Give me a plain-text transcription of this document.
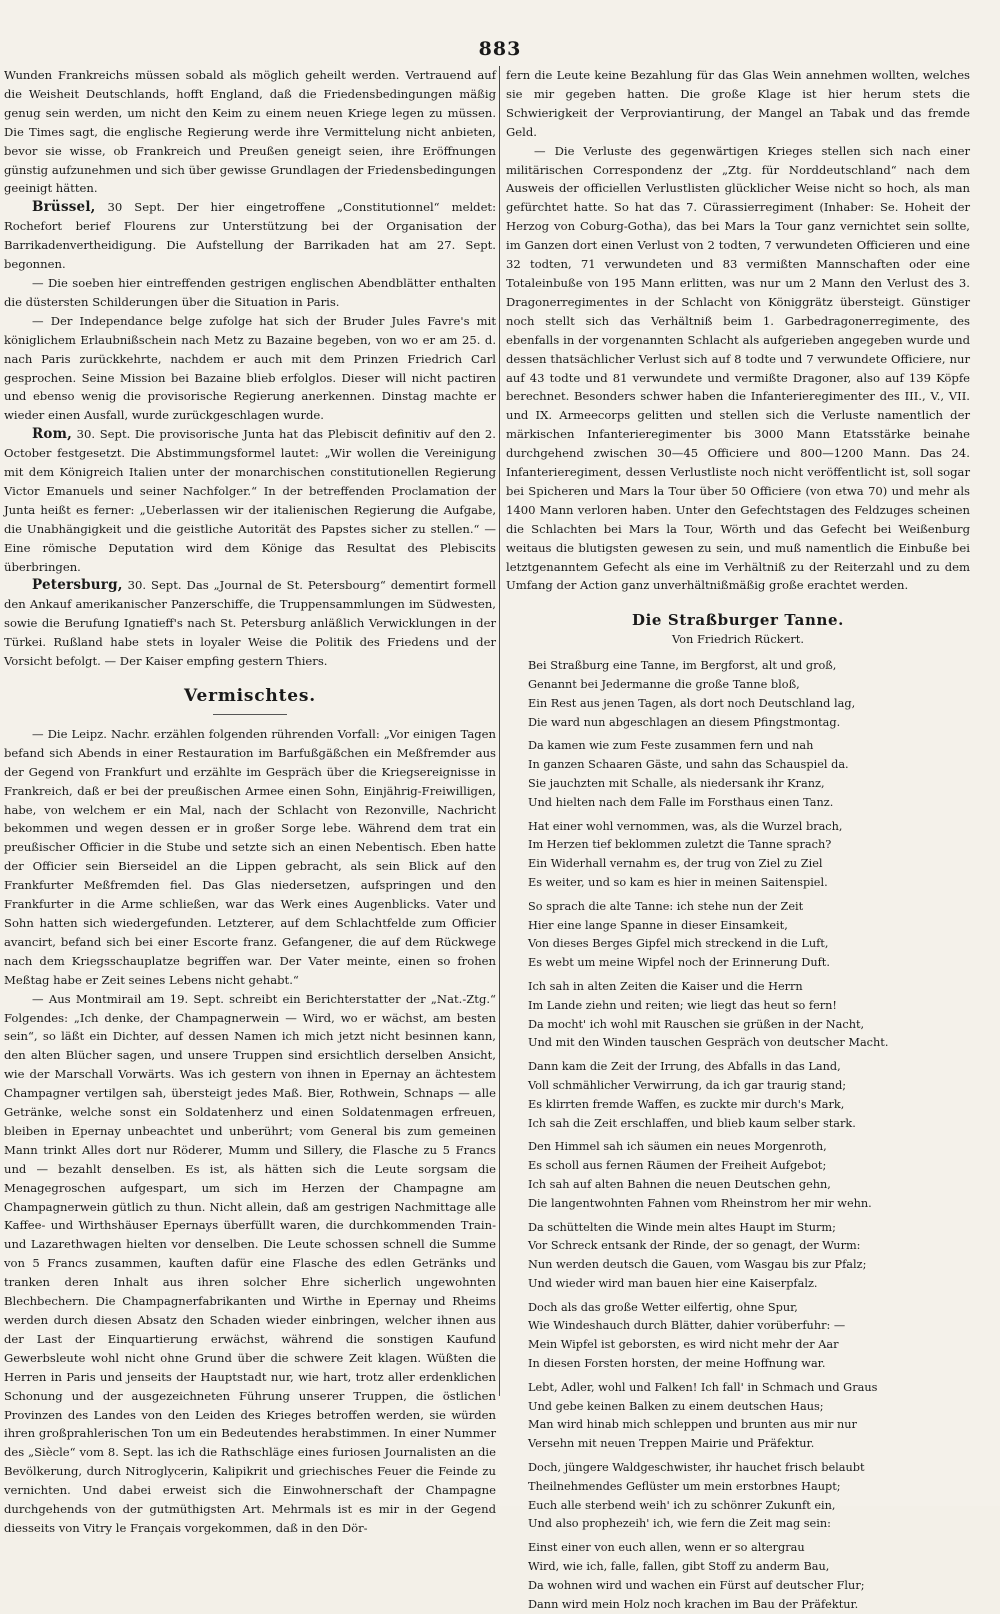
883

Wunden Frankreichs müssen sobald als möglich geheilt werden. Vertrauend auf die Weisheit Deutschlands, hofft England, daß die Friedensbedingungen mäßig genug sein werden, um nicht den Keim zu einem neuen Kriege legen zu müssen. Die Times sagt, die englische Regierung werde ihre Vermittelung nicht anbieten, bevor sie wisse, ob Frankreich und Preußen geneigt seien, ihre Eröffnungen günstig aufzunehmen und sich über gewisse Grundlagen der Friedensbedingungen geeinigt hätten.

Brüssel, 30 Sept. Der hier eingetroffene „Constitutionnel“ meldet: Rochefort berief Flourens zur Unterstützung bei der Organisation der Barrikadenvertheidigung. Die Aufstellung der Barrikaden hat am 27. Sept. begonnen.

— Die soeben hier eintreffenden gestrigen englischen Abendblätter enthalten die düstersten Schilderungen über die Situation in Paris.

— Der Independance belge zufolge hat sich der Bruder Jules Favre's mit königlichem Erlaubnißschein nach Metz zu Bazaine begeben, von wo er am 25. d. nach Paris zurückkehrte, nachdem er auch mit dem Prinzen Friedrich Carl gesprochen. Seine Mission bei Bazaine blieb erfolglos. Dieser will nicht pactiren und ebenso wenig die provisorische Regierung anerkennen. Dinstag machte er wieder einen Ausfall, wurde zurückgeschlagen wurde.

Rom, 30. Sept. Die provisorische Junta hat das Plebiscit definitiv auf den 2. October festgesetzt. Die Abstimmungsformel lautet: „Wir wollen die Vereinigung mit dem Königreich Italien unter der monarchischen constitutionellen Regierung Victor Emanuels und seiner Nachfolger.“ In der betreffenden Proclamation der Junta heißt es ferner: „Ueberlassen wir der italienischen Regierung die Aufgabe, die Unabhängigkeit und die geistliche Autorität des Papstes sicher zu stellen.“ — Eine römische Deputation wird dem Könige das Resultat des Plebiscits überbringen.

Petersburg, 30. Sept. Das „Journal de St. Petersbourg“ dementirt formell den Ankauf amerikanischer Panzerschiffe, die Truppensammlungen im Südwesten, sowie die Berufung Ignatieff's nach St. Petersburg anläßlich Verwicklungen in der Türkei. Rußland habe stets in loyaler Weise die Politik des Friedens und der Vorsicht befolgt. — Der Kaiser empfing gestern Thiers.

Vermischtes.

— Die Leipz. Nachr. erzählen folgenden rührenden Vorfall: „Vor einigen Tagen befand sich Abends in einer Restauration im Barfußgäßchen ein Meßfremder aus der Gegend von Frankfurt und erzählte im Gespräch über die Kriegsereignisse in Frankreich, daß er bei der preußischen Armee einen Sohn, Einjährig-Freiwilligen, habe, von welchem er ein Mal, nach der Schlacht von Rezonville, Nachricht bekommen und wegen dessen er in großer Sorge lebe. Während dem trat ein preußischer Officier in die Stube und setzte sich an einen Nebentisch. Eben hatte der Officier sein Bierseidel an die Lippen gebracht, als sein Blick auf den Frankfurter Meßfremden fiel. Das Glas niedersetzen, aufspringen und den Frankfurter in die Arme schließen, war das Werk eines Augenblicks. Vater und Sohn hatten sich wiedergefunden. Letzterer, auf dem Schlachtfelde zum Officier avancirt, befand sich bei einer Escorte franz. Gefangener, die auf dem Rückwege nach dem Kriegsschauplatze begriffen war. Der Vater meinte, einen so frohen Meßtag habe er Zeit seines Lebens nicht gehabt.“

— Aus Montmirail am 19. Sept. schreibt ein Berichterstatter der „Nat.-Ztg.“ Folgendes: „Ich denke, der Champagnerwein — Wird, wo er wächst, am besten sein“, so läßt ein Dichter, auf dessen Namen ich mich jetzt nicht besinnen kann, den alten Blücher sagen, und unsere Truppen sind ersichtlich derselben Ansicht, wie der Marschall Vorwärts. Was ich gestern von ihnen in Epernay an ächtestem Champagner vertilgen sah, übersteigt jedes Maß. Bier, Rothwein, Schnaps — alle Getränke, welche sonst ein Soldatenherz und einen Soldatenmagen erfreuen, bleiben in Epernay unbeachtet und unberührt; vom General bis zum gemeinen Mann trinkt Alles dort nur Röderer, Mumm und Sillery, die Flasche zu 5 Francs und — bezahlt denselben. Es ist, als hätten sich die Leute sorgsam die Menagegroschen aufgespart, um sich im Herzen der Champagne am Champagnerwein gütlich zu thun. Nicht allein, daß am gestrigen Nachmittage alle Kaffee- und Wirthshäuser Epernays überfüllt waren, die durchkommenden Train- und Lazarethwagen hielten vor denselben. Die Leute schossen schnell die Summe von 5 Francs zusammen, kauften dafür eine Flasche des edlen Getränks und tranken deren Inhalt aus ihren solcher Ehre sicherlich ungewohnten Blechbechern. Die Champagnerfabrikanten und Wirthe in Epernay und Rheims werden durch diesen Absatz den Schaden wieder einbringen, welcher ihnen aus der Last der Einquartierung erwächst, während die sonstigen Kaufund Gewerbsleute wohl nicht ohne Grund über die schwere Zeit klagen. Wüßten die Herren in Paris und jenseits der Hauptstadt nur, wie hart, trotz aller erdenklichen Schonung und der ausgezeichneten Führung unserer Truppen, die östlichen Provinzen des Landes von den Leiden des Krieges betroffen werden, sie würden ihren großprahlerischen Ton um ein Bedeutendes herabstimmen. In einer Nummer des „Siècle“ vom 8. Sept. las ich die Rathschläge eines furiosen Journalisten an die Bevölkerung, durch Nitroglycerin, Kalipikrit und griechisches Feuer die Feinde zu vernichten. Und dabei erweist sich die Einwohnerschaft der Champagne durchgehends von der gutmüthigsten Art. Mehrmals ist es mir in der Gegend diesseits von Vitry le Français vorgekommen, daß in den Dör-

fern die Leute keine Bezahlung für das Glas Wein annehmen wollten, welches sie mir gegeben hatten. Die große Klage ist hier herum stets die Schwierigkeit der Verproviantirung, der Mangel an Tabak und das fremde Geld.

— Die Verluste des gegenwärtigen Krieges stellen sich nach einer militärischen Correspondenz der „Ztg. für Norddeutschland“ nach dem Ausweis der officiellen Verlustlisten glücklicher Weise nicht so hoch, als man gefürchtet hatte. So hat das 7. Cürassierregiment (Inhaber: Se. Hoheit der Herzog von Coburg-Gotha), das bei Mars la Tour ganz vernichtet sein sollte, im Ganzen dort einen Verlust von 2 todten, 7 verwundeten Officieren und eine 32 todten, 71 verwundeten und 83 vermißten Mannschaften oder eine Totaleinbuße von 195 Mann erlitten, was nur um 2 Mann den Verlust des 3. Dragonerregimentes in der Schlacht von Königgrätz übersteigt. Günstiger noch stellt sich das Verhältniß beim 1. Garbedragonerregimente, des ebenfalls in der vorgenannten Schlacht als aufgerieben angegeben wurde und dessen thatsächlicher Verlust sich auf 8 todte und 7 verwundete Officiere, nur auf 43 todte und 81 verwundete und vermißte Dragoner, also auf 139 Köpfe berechnet. Besonders schwer haben die Infanterieregimenter des III., V., VII. und IX. Armeecorps gelitten und stellen sich die Verluste namentlich der märkischen Infanterieregimenter bis 3000 Mann Etatsstärke beinahe durchgehend zwischen 30—45 Officiere und 800—1200 Mann. Das 24. Infanterieregiment, dessen Verlustliste noch nicht veröffentlicht ist, soll sogar bei Spicheren und Mars la Tour über 50 Officiere (von etwa 70) und mehr als 1400 Mann verloren haben. Unter den Gefechtstagen des Feldzuges scheinen die Schlachten bei Mars la Tour, Wörth und das Gefecht bei Weißenburg weitaus die blutigsten gewesen zu sein, und muß namentlich die Einbuße bei letztgenanntem Gefecht als eine im Verhältniß zu der Reiterzahl und zu dem Umfang der Action ganz unverhältnißmäßig große erachtet werden.

Die Straßburger Tanne.
Von Friedrich Rückert.
Bei Straßburg eine Tanne, im Bergforst, alt und groß,
Genannt bei Jedermanne die große Tanne bloß,
Ein Rest aus jenen Tagen, als dort noch Deutschland lag,
Die ward nun abgeschlagen an diesem Pfingstmontag.
Da kamen wie zum Feste zusammen fern und nah
In ganzen Schaaren Gäste, und sahn das Schauspiel da.
Sie jauchzten mit Schalle, als niedersank ihr Kranz,
Und hielten nach dem Falle im Forsthaus einen Tanz.
Hat einer wohl vernommen, was, als die Wurzel brach,
Im Herzen tief beklommen zuletzt die Tanne sprach?
Ein Widerhall vernahm es, der trug von Ziel zu Ziel
Es weiter, und so kam es hier in meinen Saitenspiel.
So sprach die alte Tanne: ich stehe nun der Zeit
Hier eine lange Spanne in dieser Einsamkeit,
Von dieses Berges Gipfel mich streckend in die Luft,
Es webt um meine Wipfel noch der Erinnerung Duft.
Ich sah in alten Zeiten die Kaiser und die Herrn
Im Lande ziehn und reiten; wie liegt das heut so fern!
Da mocht' ich wohl mit Rauschen sie grüßen in der Nacht,
Und mit den Winden tauschen Gespräch von deutscher Macht.
Dann kam die Zeit der Irrung, des Abfalls in das Land,
Voll schmählicher Verwirrung, da ich gar traurig stand;
Es klirrten fremde Waffen, es zuckte mir durch's Mark,
Ich sah die Zeit erschlaffen, und blieb kaum selber stark.
Den Himmel sah ich säumen ein neues Morgenroth,
Es scholl aus fernen Räumen der Freiheit Aufgebot;
Ich sah auf alten Bahnen die neuen Deutschen gehn,
Die langentwohnten Fahnen vom Rheinstrom her mir wehn.
Da schüttelten die Winde mein altes Haupt im Sturm;
Vor Schreck entsank der Rinde, der so genagt, der Wurm:
Nun werden deutsch die Gauen, vom Wasgau bis zur Pfalz;
Und wieder wird man bauen hier eine Kaiserpfalz.
Doch als das große Wetter eilfertig, ohne Spur,
Wie Windeshauch durch Blätter, dahier vorüberfuhr: —
Mein Wipfel ist geborsten, es wird nicht mehr der Aar
In diesen Forsten horsten, der meine Hoffnung war.
Lebt, Adler, wohl und Falken! Ich fall' in Schmach und Graus
Und gebe keinen Balken zu einem deutschen Haus;
Man wird hinab mich schleppen und brunten aus mir nur
Versehn mit neuen Treppen Mairie und Präfektur.
Doch, jüngere Waldgeschwister, ihr hauchet frisch belaubt
Theilnehmendes Geflüster um mein erstorbnes Haupt;
Euch alle sterbend weih' ich zu schönrer Zukunft ein,
Und also prophezeih' ich, wie fern die Zeit mag sein:
Einst einer von euch allen, wenn er so altergrau
Wird, wie ich, falle, fallen, gibt Stoff zu anderm Bau,
Da wohnen wird und wachen ein Fürst auf deutscher Flur;
Dann wird mein Holz noch krachen im Bau der Präfektur.
